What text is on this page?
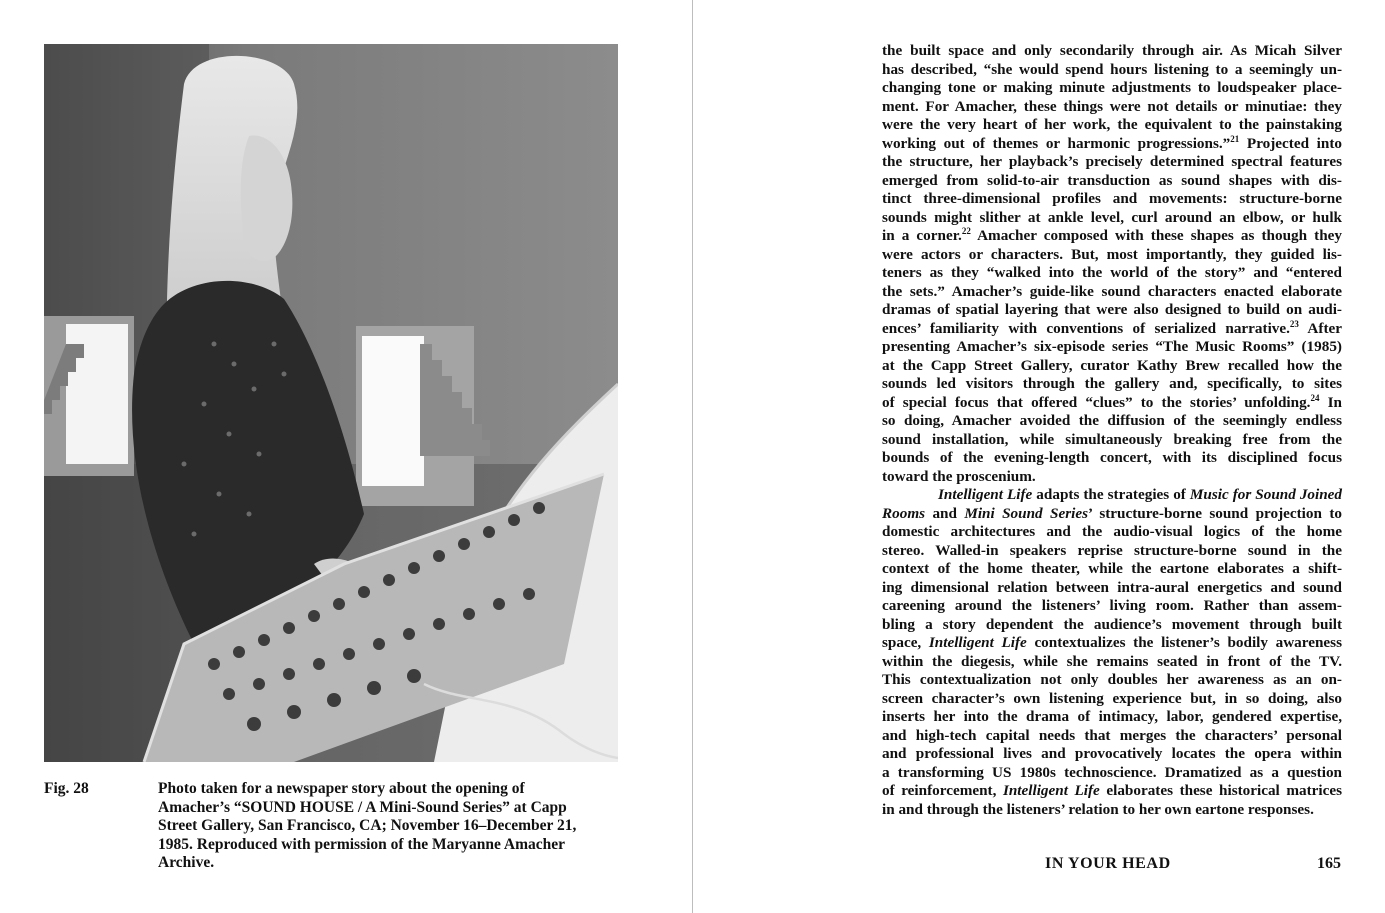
Fig. 28	Photo taken for a newspaper story about the opening of
Amacher’s “SOUND HOUSE / A Mini-Sound Series” at Capp
Street Gallery, San Francisco, CA; November 16–December 21,
1985. Reproduced with permission of the Maryanne Amacher
Archive.
the built space and only secondarily through air. As Micah Silver
has described, “she would spend hours listening to a seemingly un-
changing tone or making minute adjustments to loudspeaker place-
ment. For Amacher, these things were not details or minutiae: they
were the very heart of her work, the equivalent to the painstaking
working out of themes or harmonic progressions.”$^{21}$ Projected into
the structure, her playback’s precisely determined spectral features
emerged from solid-to-air transduction as sound shapes with dis-
tinct three-dimensional profiles and movements: structure-borne
sounds might slither at ankle level, curl around an elbow, or hulk
in a corner.$^{22}$ Amacher composed with these shapes as though they
were actors or characters. But, most importantly, they guided lis-
teners as they “walked into the world of the story” and “entered
the sets.” Amacher’s guide-like sound characters enacted elaborate
dramas of spatial layering that were also designed to build on audi-
ences’ familiarity with conventions of serialized narrative.$^{23}$ After
presenting Amacher’s six-episode series “The Music Rooms” (1985)
at the Capp Street Gallery, curator Kathy Brew recalled how the
sounds led visitors through the gallery and, specifically, to sites
of special focus that offered “clues” to the stories’ unfolding.$^{24}$ In
so doing, Amacher avoided the diffusion of the seemingly endless
sound installation, while simultaneously breaking free from the
bounds of the evening-length concert, with its disciplined focus
toward the proscenium.
Intelligent Life adapts the strategies of Music for Sound Joined
Rooms and Mini Sound Series’ structure-borne sound projection to
domestic architectures and the audio-visual logics of the home
stereo. Walled-in speakers reprise structure-borne sound in the
context of the home theater, while the eartone elaborates a shift-
ing dimensional relation between intra-aural energetics and sound
careening around the listeners’ living room. Rather than assem-
bling a story dependent the audience’s movement through built
space, Intelligent Life contextualizes the listener’s bodily awareness
within the diegesis, while she remains seated in front of the TV.
This contextualization not only doubles her awareness as an on-
screen character’s own listening experience but, in so doing, also
inserts her into the drama of intimacy, labor, gendered expertise,
and high-tech capital needs that merges the characters’ personal
and professional lives and provocatively locates the opera within
a transforming US 1980s technoscience. Dramatized as a question
of reinforcement, Intelligent Life elaborates these historical matrices
in and through the listeners’ relation to her own eartone responses.
IN YOUR HEAD	165
